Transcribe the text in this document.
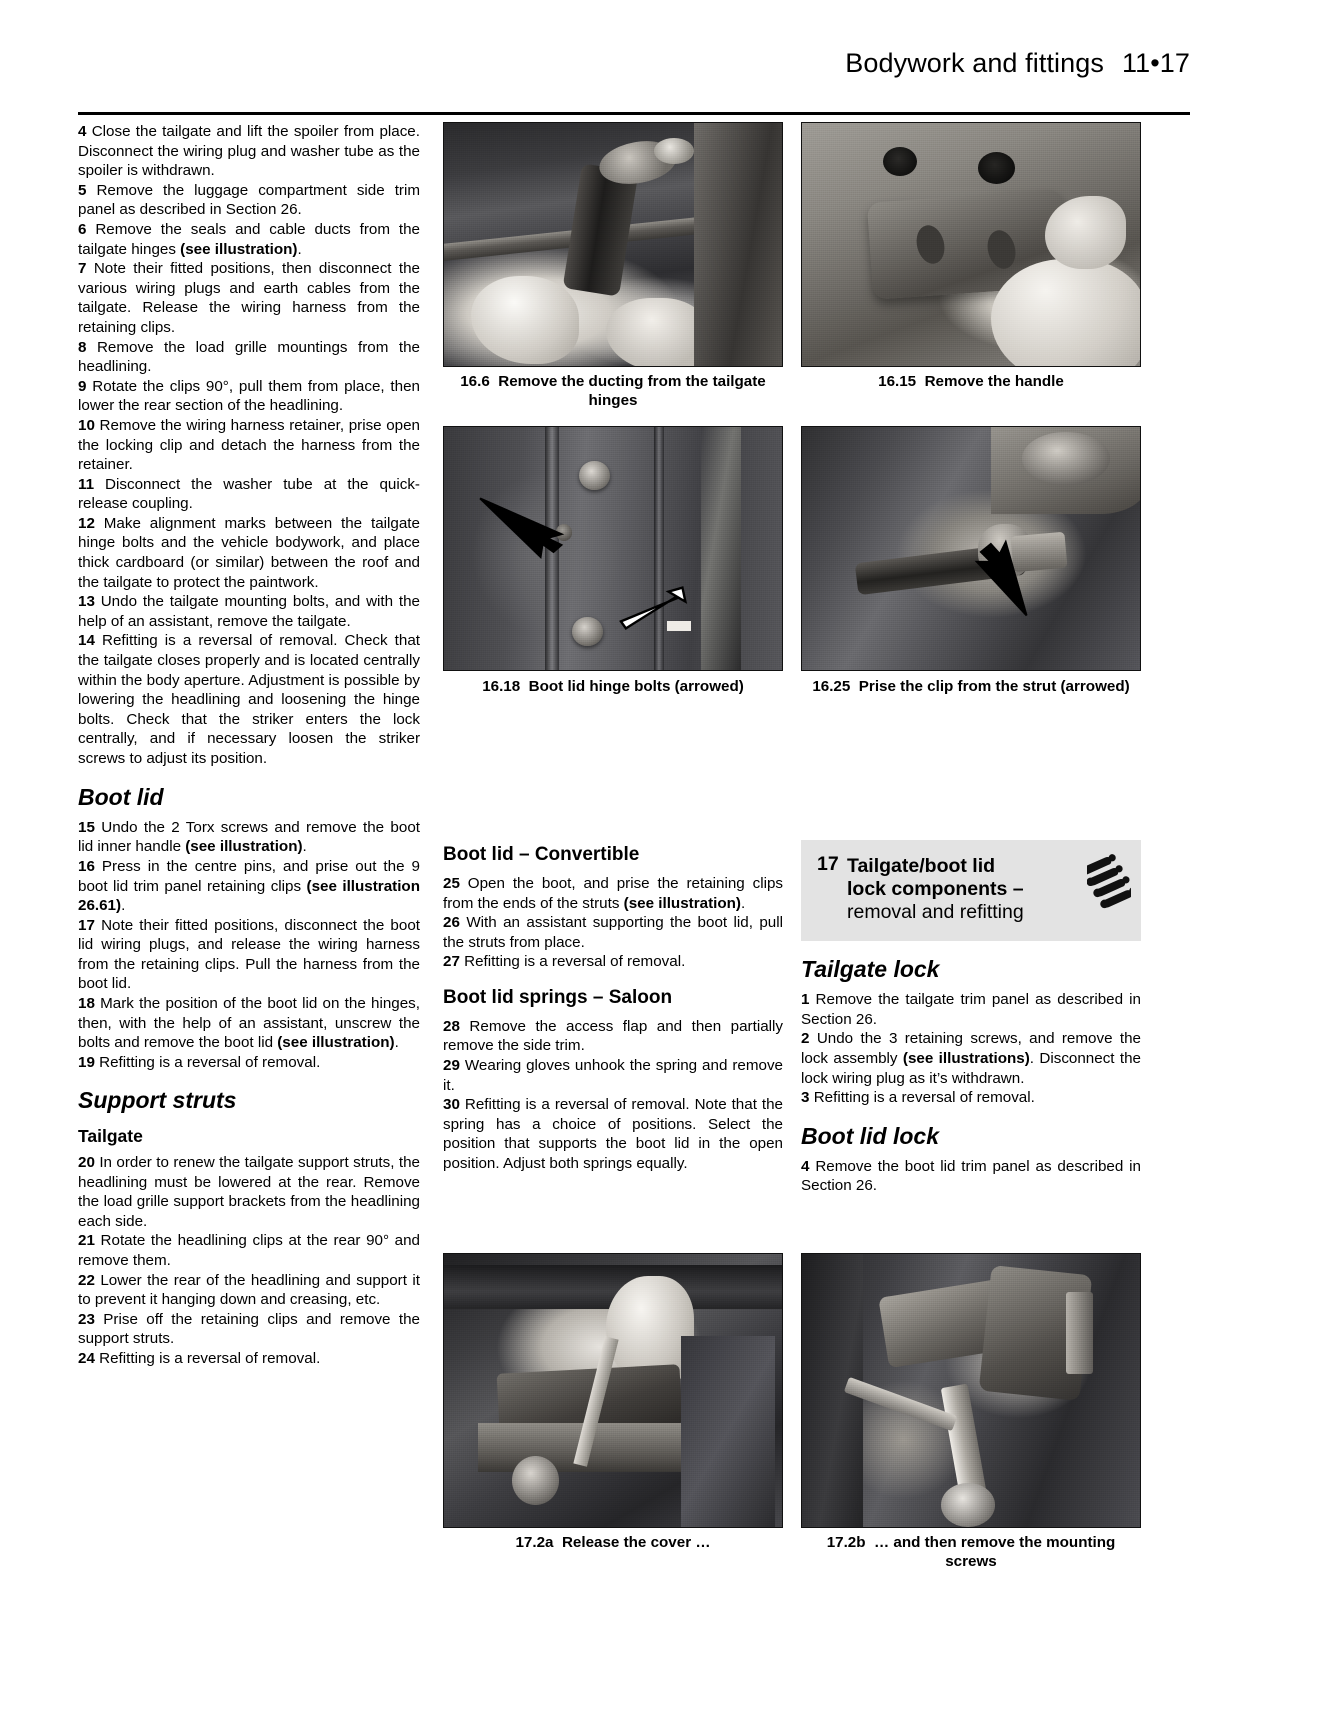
Bodywork and fittings 11•17

4 Close the tailgate and lift the spoiler from place. Disconnect the wiring plug and washer tube as the spoiler is withdrawn.

5 Remove the luggage compartment side trim panel as described in Section 26.

6 Remove the seals and cable ducts from the tailgate hinges (see illustration).

7 Note their fitted positions, then disconnect the various wiring plugs and earth cables from the tailgate. Release the wiring harness from the retaining clips.

8 Remove the load grille mountings from the headlining.

9 Rotate the clips 90°, pull them from place, then lower the rear section of the headlining.

10 Remove the wiring harness retainer, prise open the locking clip and detach the harness from the retainer.

11 Disconnect the washer tube at the quick-release coupling.

12 Make alignment marks between the tailgate hinge bolts and the vehicle bodywork, and place thick cardboard (or similar) between the roof and the tailgate to protect the paintwork.

13 Undo the tailgate mounting bolts, and with the help of an assistant, remove the tailgate.

14 Refitting is a reversal of removal. Check that the tailgate closes properly and is located centrally within the body aperture. Adjustment is possible by lowering the headlining and loosening the hinge bolts. Check that the striker enters the lock centrally, and if necessary loosen the striker screws to adjust its position.

Boot lid

15 Undo the 2 Torx screws and remove the boot lid inner handle (see illustration).

16 Press in the centre pins, and prise out the 9 boot lid trim panel retaining clips (see illustration 26.61).

17 Note their fitted positions, disconnect the boot lid wiring plugs, and release the wiring harness from the retaining clips. Pull the harness from the boot lid.

18 Mark the position of the boot lid on the hinges, then, with the help of an assistant, unscrew the bolts and remove the boot lid (see illustration).

19 Refitting is a reversal of removal.

Support struts
Tailgate

20 In order to renew the tailgate support struts, the headlining must be lowered at the rear. Remove the load grille support brackets from the headlining each side.

21 Rotate the headlining clips at the rear 90° and remove them.

22 Lower the rear of the headlining and support it to prevent it hanging down and creasing, etc.

23 Prise off the retaining clips and remove the support struts.

24 Refitting is a reversal of removal.

Boot lid – Convertible

25 Open the boot, and prise the retaining clips from the ends of the struts (see illustration).

26 With an assistant supporting the boot lid, pull the struts from place.

27 Refitting is a reversal of removal.

Boot lid springs – Saloon

28 Remove the access flap and then partially remove the side trim.

29 Wearing gloves unhook the spring and remove it.

30 Refitting is a reversal of removal. Note that the spring has a choice of positions. Select the position that supports the boot lid in the open position. Adjust both springs equally.

17 Tailgate/boot lid
lock components –
removal and refitting
Tailgate lock

1 Remove the tailgate trim panel as described in Section 26.

2 Undo the 3 retaining screws, and remove the lock assembly (see illustrations). Disconnect the lock wiring plug as it’s withdrawn.

3 Refitting is a reversal of removal.

Boot lid lock

4 Remove the boot lid trim panel as described in Section 26.

16.6 Remove the ducting from the tailgate hinges
16.15 Remove the handle
16.18 Boot lid hinge bolts (arrowed)	16.25 Prise the clip from the strut (arrowed)
17.2a Release the cover …	17.2b … and then remove the mounting screws
